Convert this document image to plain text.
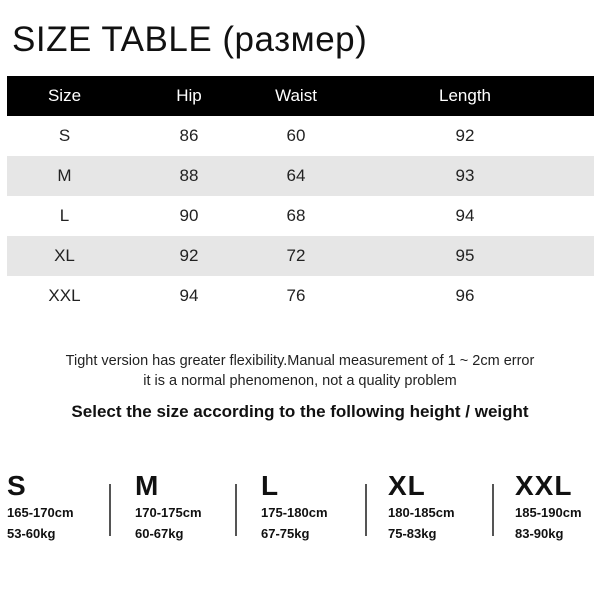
SIZE TABLE (размер)
Size	Hip	Waist	Length
S	86	60	92
M	88	64	93
L	90	68	94
XL	92	72	95
XXL	94	76	96
Tight version has greater flexibility.Manual measurement of 1 ~ 2cm error
it is a normal phenomenon, not a quality problem
Select the size according to the following height / weight
S
165-170cm
53-60kg
M
170-175cm
60-67kg
L
175-180cm
67-75kg
XL
180-185cm
75-83kg
XXL
185-190cm
83-90kg
